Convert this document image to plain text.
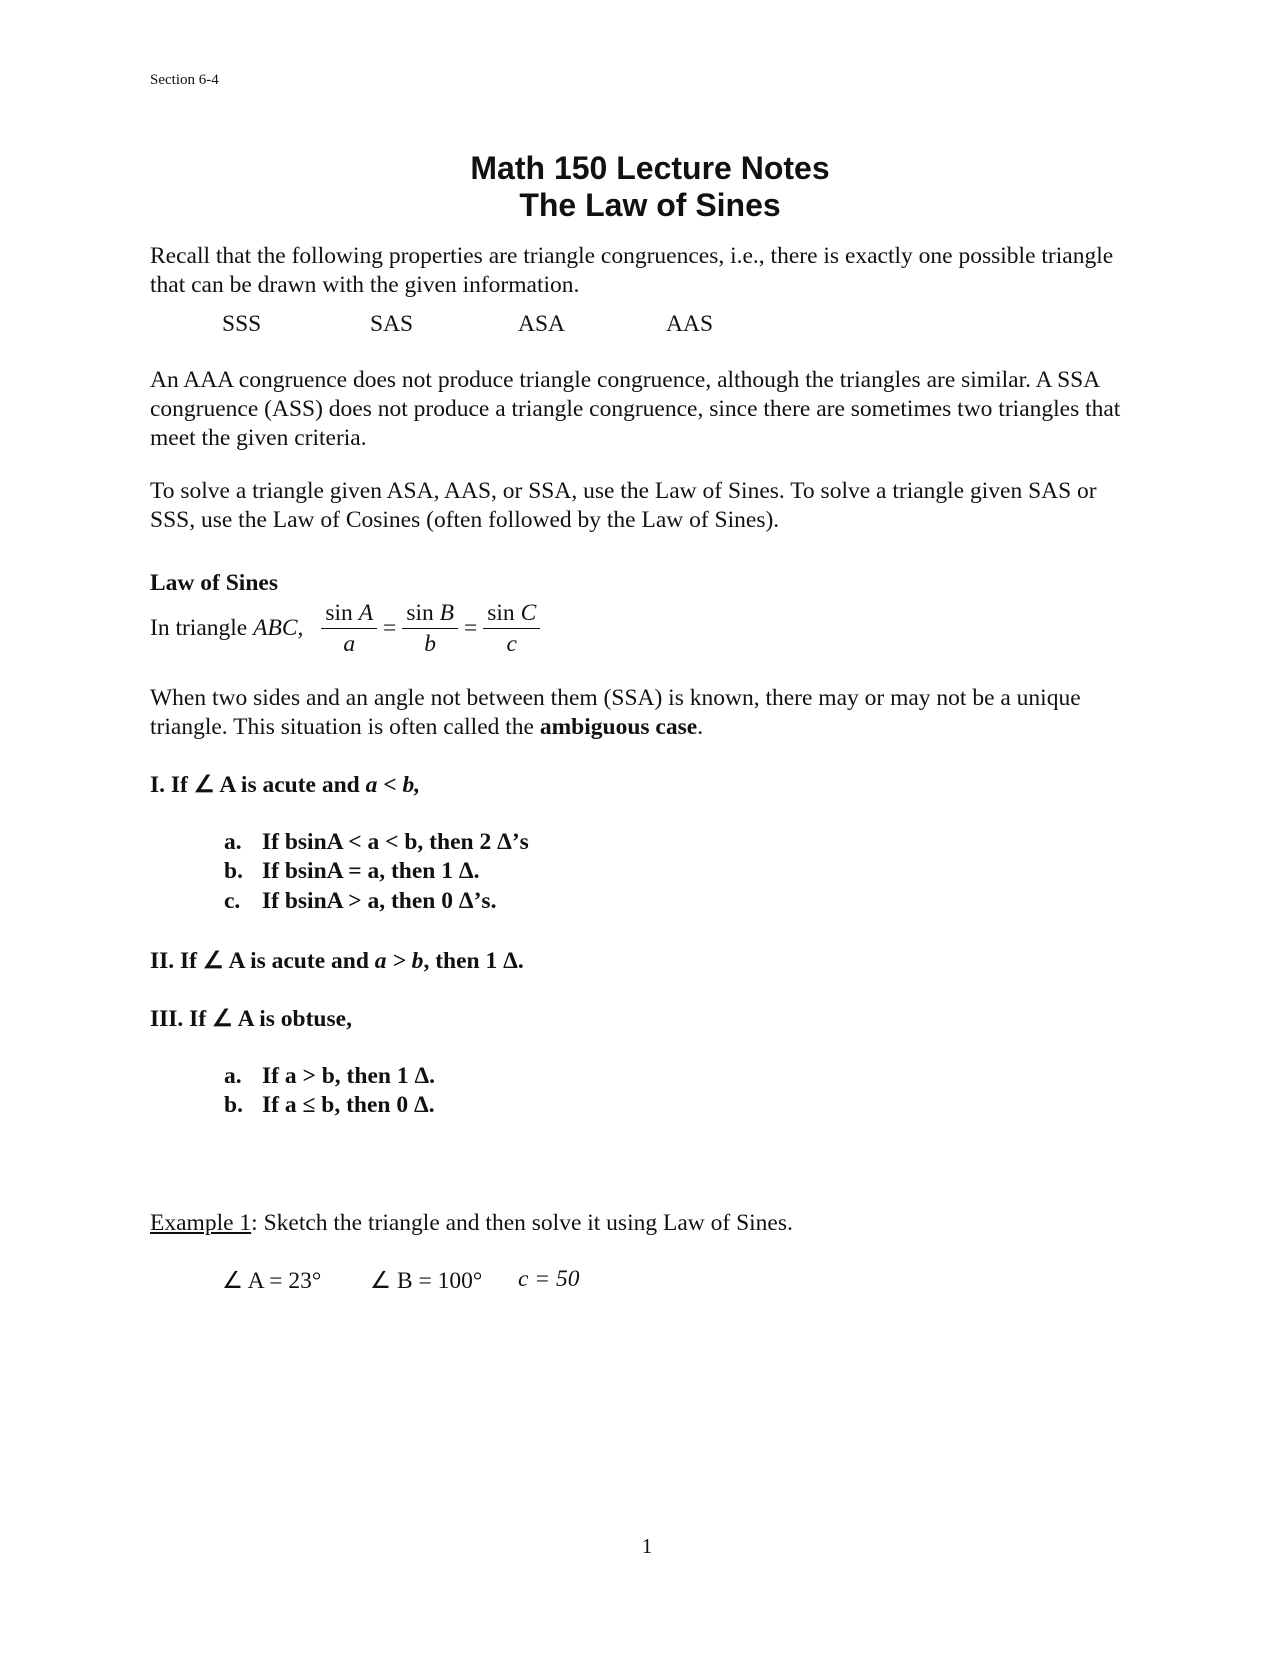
Section 6-4
Math 150 Lecture Notes
The Law of Sines
Recall that the following properties are triangle congruences, i.e., there is exactly one possible triangle that can be drawn with the given information.
SSS	SAS	ASA	AAS
An AAA congruence does not produce triangle congruence, although the triangles are similar. A SSA congruence (ASS) does not produce a triangle congruence, since there are sometimes two triangles that meet the given criteria.
To solve a triangle given ASA, AAS, or SSA, use the Law of Sines. To solve a triangle given SAS or SSS, use the Law of Cosines (often followed by the Law of Sines).
Law of Sines
In triangle
ABC, $\frac{\text{sin A}}{a} = \frac{\text{sin B}}{b} = \frac{\text{sin C}}{c}$
When two sides and an angle not between them (SSA) is known, there may or may not be a unique triangle. This situation is often called the ambiguous case.
I. If ∠ A is acute and a < b,
a. If bsinA < a < b, then 2 Δ’s
b. If bsinA = a, then 1 Δ.
c. If bsinA > a, then 0 Δ’s.
II. If ∠ A is acute and a > b, then 1 Δ.
III. If ∠ A is obtuse,
a. If a > b, then 1 Δ.
b. If a ≤ b, then 0 Δ.
Example 1: Sketch the triangle and then solve it using Law of Sines.
∠ A = 23° ∠ B = 100° c = 50
1
